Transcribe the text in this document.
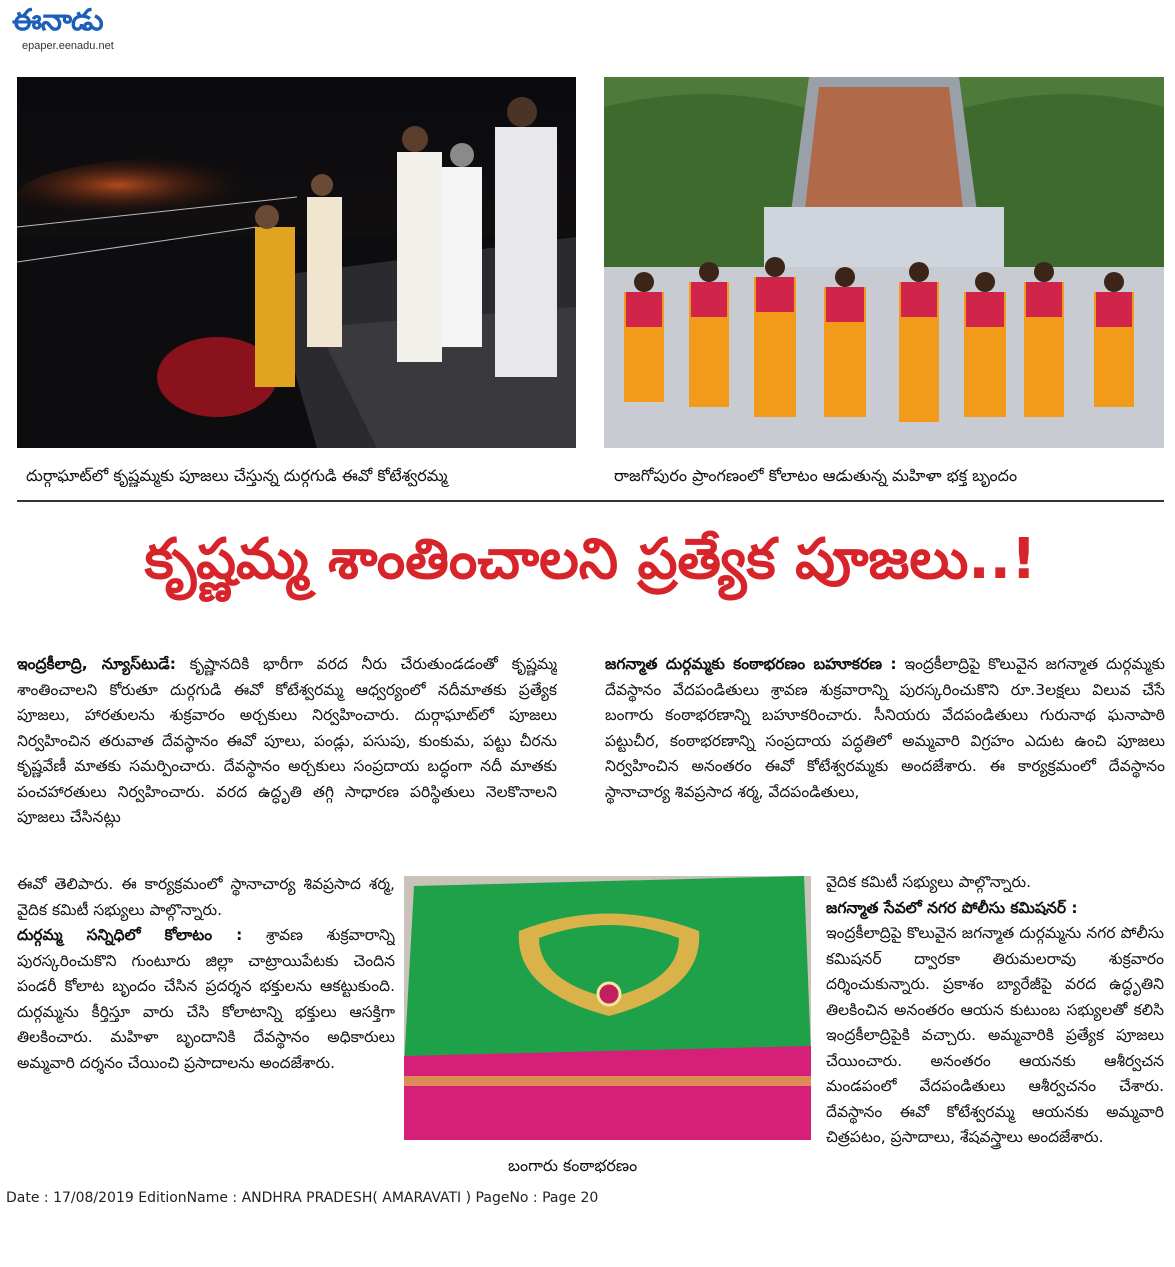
ఈనాడు
epaper.eenadu.net
దుర్గాఘాట్‌లో కృష్ణమ్మకు పూజలు చేస్తున్న దుర్గగుడి ఈవో కోటేశ్వరమ్మ	రాజగోపురం ప్రాంగణంలో కోలాటం ఆడుతున్న మహిళా భక్త బృందం
కృష్ణమ్మ శాంతించాలని ప్రత్యేక పూజలు..!

ఇంద్రకీలాద్రి, న్యూస్‌టుడే: కృష్ణానదికి భారీగా వరద నీరు చేరుతుండడంతో కృష్ణమ్మ శాంతించాలని కోరుతూ దుర్గగుడి ఈవో కోటేశ్వరమ్మ ఆధ్వర్యంలో నదీమాతకు ప్రత్యేక పూజలు, హారతులను శుక్రవారం అర్చకులు నిర్వహించారు. దుర్గాఘాట్‌లో పూజలు నిర్వహించిన తరువాత దేవస్థానం ఈవో పూలు, పండ్లు, పసుపు, కుంకుమ, పట్టు చీరను కృష్ణవేణీ మాతకు సమర్పించారు. దేవస్థానం అర్చకులు సంప్రదాయ బద్ధంగా నదీ మాతకు పంచహారతులు నిర్వహించారు. వరద ఉద్ధృతి తగ్గి సాధారణ పరిస్థితులు నెలకొనాలని పూజలు చేసినట్లు

ఈవో తెలిపారు. ఈ కార్యక్రమంలో స్థానాచార్య శివప్రసాద శర్మ, వైదిక కమిటీ సభ్యులు పాల్గొన్నారు.

దుర్గమ్మ సన్నిధిలో కోలాటం : శ్రావణ శుక్రవారాన్ని పురస్కరించుకొని గుంటూరు జిల్లా చాట్రాయిపేటకు చెందిన పండరీ కోలాట బృందం చేసిన ప్రదర్శన భక్తులను ఆకట్టుకుంది. దుర్గమ్మను కీర్తిస్తూ వారు చేసి కోలాటాన్ని భక్తులు ఆసక్తిగా తిలకించారు. మహిళా బృందానికి దేవస్థానం అధికారులు అమ్మవారి దర్శనం చేయించి ప్రసాదాలను అందజేశారు.

జగన్మాత దుర్గమ్మకు కంఠాభరణం బహూకరణ : ఇంద్రకీలాద్రిపై కొలువైన జగన్మాత దుర్గమ్మకు దేవస్థానం వేదపండితులు శ్రావణ శుక్రవారాన్ని పురస్కరించుకొని రూ.3లక్షలు విలువ చేసే బంగారు కంఠాభరణాన్ని బహూకరించారు. సీనియరు వేదపండితులు గురునాథ ఘనాపాఠి పట్టుచీర, కంఠాభరణాన్ని సంప్రదాయ పద్ధతిలో అమ్మవారి విగ్రహం ఎదుట ఉంచి పూజలు నిర్వహించిన అనంతరం ఈవో కోటేశ్వరమ్మకు అందజేశారు. ఈ కార్యక్రమంలో దేవస్థానం స్థానాచార్య శివప్రసాద శర్మ, వేదపండితులు,

వైదిక కమిటీ సభ్యులు పాల్గొన్నారు.

జగన్మాత సేవలో నగర పోలీసు కమిషనర్ :

ఇంద్రకీలాద్రిపై కొలువైన జగన్మాత దుర్గమ్మను నగర పోలీసు కమిషనర్ ద్వారకా తిరుమలరావు శుక్రవారం దర్శించుకున్నారు. ప్రకాశం బ్యారేజీపై వరద ఉద్ధృతిని తిలకించిన అనంతరం ఆయన కుటుంబ సభ్యులతో కలిసి ఇంద్రకీలాద్రిపైకి వచ్చారు. అమ్మవారికి ప్రత్యేక పూజలు చేయించారు. అనంతరం ఆయనకు ఆశీర్వచన మండపంలో వేదపండితులు ఆశీర్వచనం చేశారు. దేవస్థానం ఈవో కోటేశ్వరమ్మ ఆయనకు అమ్మవారి చిత్రపటం, ప్రసాదాలు, శేషవస్త్రాలు అందజేశారు.

బంగారు కంఠాభరణం
Date : 17/08/2019 EditionName : ANDHRA PRADESH( AMARAVATI ) PageNo : Page 20
